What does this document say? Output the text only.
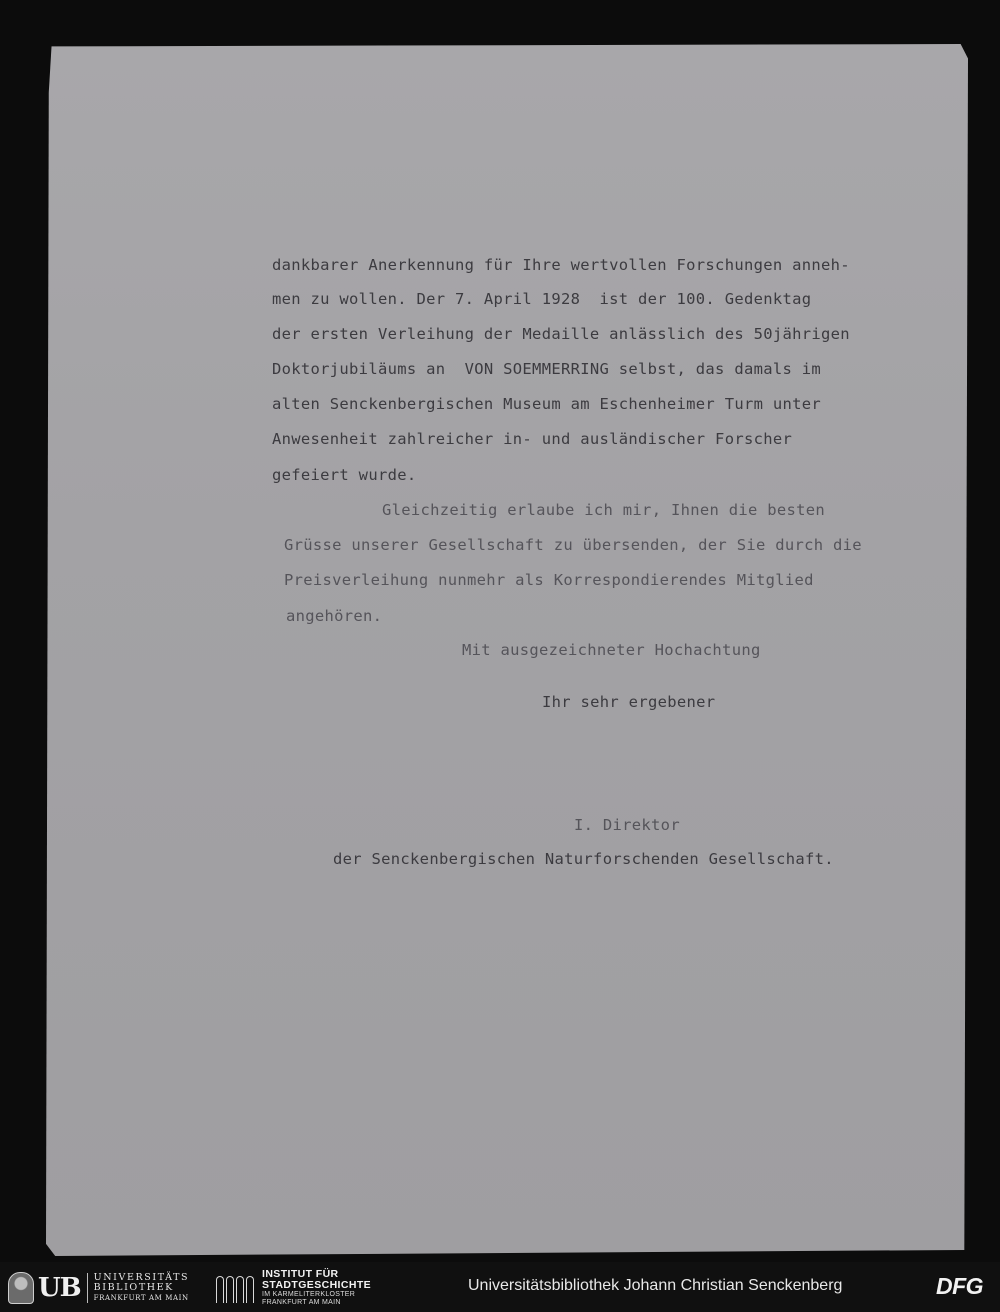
dankbarer Anerkennung für Ihre wertvollen Forschungen anneh-
men zu wollen. Der 7. April 1928  ist der 100. Gedenktag
der ersten Verleihung der Medaille anlässlich des 50jährigen
Doktorjubiläums an  VON SOEMMERRING selbst, das damals im
alten Senckenbergischen Museum am Eschenheimer Turm unter
Anwesenheit zahlreicher in- und ausländischer Forscher
gefeiert wurde.
Gleichzeitig erlaube ich mir, Ihnen die besten
Grüsse unserer Gesellschaft zu übersenden, der Sie durch die
Preisverleihung nunmehr als Korrespondierendes Mitglied
angehören.
Mit ausgezeichneter Hochachtung
Ihr sehr ergebener
I. Direktor
der Senckenbergischen Naturforschenden Gesellschaft.
UB UNIVERSITÄTS
BIBLIOTHEK
FRANKFURT AM MAIN
INSTITUT FÜR
STADTGESCHICHTE
IM KARMELITERKLOSTER
FRANKFURT AM MAIN
Universitätsbibliothek Johann Christian Senckenberg	DFG
